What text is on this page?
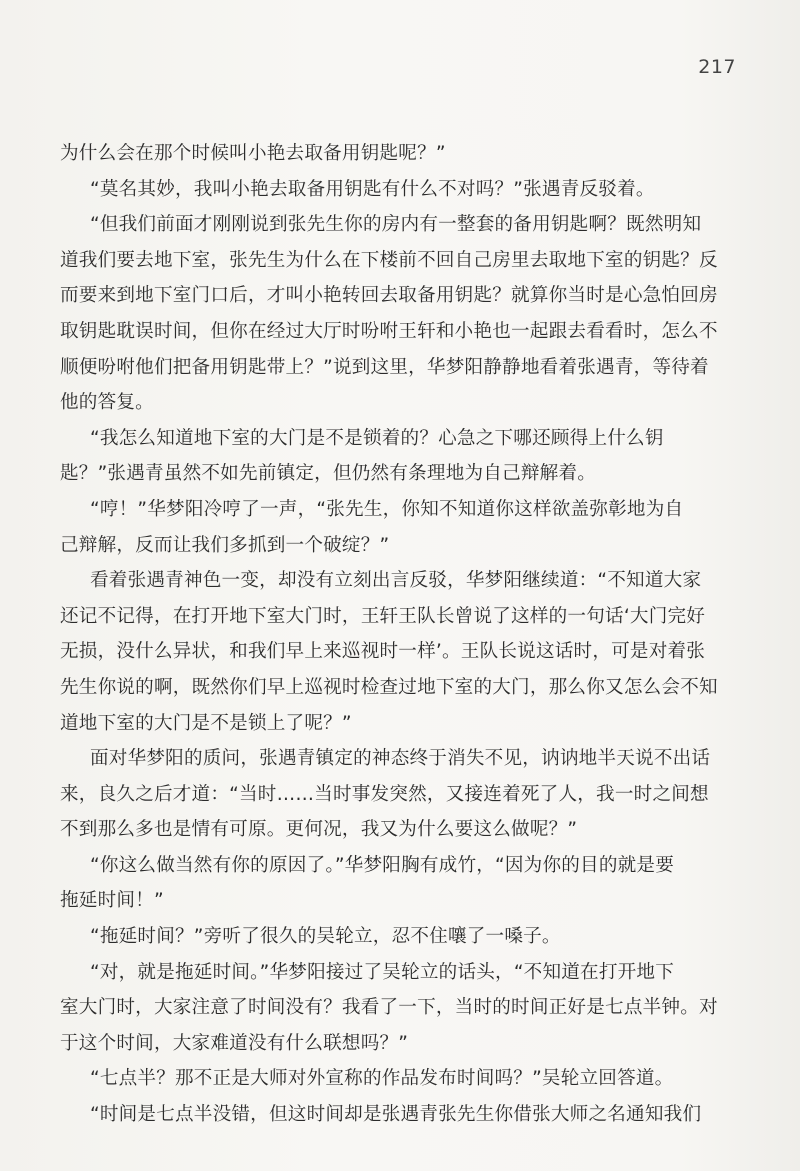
217
为什么会在那个时候叫小艳去取备用钥匙呢？”
“莫名其妙，我叫小艳去取备用钥匙有什么不对吗？”张遇青反驳着。
“但我们前面才刚刚说到张先生你的房内有一整套的备用钥匙啊？既然明知
道我们要去地下室，张先生为什么在下楼前不回自己房里去取地下室的钥匙？反
而要来到地下室门口后，才叫小艳转回去取备用钥匙？就算你当时是心急怕回房
取钥匙耽误时间，但你在经过大厅时吩咐王轩和小艳也一起跟去看看时，怎么不
顺便吩咐他们把备用钥匙带上？”说到这里，华梦阳静静地看着张遇青，等待着
他的答复。
“我怎么知道地下室的大门是不是锁着的？心急之下哪还顾得上什么钥
匙？”张遇青虽然不如先前镇定，但仍然有条理地为自己辩解着。
“哼！”华梦阳冷哼了一声，“张先生，你知不知道你这样欲盖弥彰地为自
己辩解，反而让我们多抓到一个破绽？”
看着张遇青神色一变，却没有立刻出言反驳，华梦阳继续道：“不知道大家
还记不记得，在打开地下室大门时，王轩王队长曾说了这样的一句话‘大门完好
无损，没什么异状，和我们早上来巡视时一样’。王队长说这话时，可是对着张
先生你说的啊，既然你们早上巡视时检查过地下室的大门，那么你又怎么会不知
道地下室的大门是不是锁上了呢？”
面对华梦阳的质问，张遇青镇定的神态终于消失不见，讷讷地半天说不出话
来，良久之后才道：“当时……当时事发突然，又接连着死了人，我一时之间想
不到那么多也是情有可原。更何况，我又为什么要这么做呢？”
“你这么做当然有你的原因了。”华梦阳胸有成竹，“因为你的目的就是要
拖延时间！”
“拖延时间？”旁听了很久的吴轮立，忍不住嚷了一嗓子。
“对，就是拖延时间。”华梦阳接过了吴轮立的话头，“不知道在打开地下
室大门时，大家注意了时间没有？我看了一下，当时的时间正好是七点半钟。对
于这个时间，大家难道没有什么联想吗？”
“七点半？那不正是大师对外宣称的作品发布时间吗？”吴轮立回答道。
“时间是七点半没错，但这时间却是张遇青张先生你借张大师之名通知我们
